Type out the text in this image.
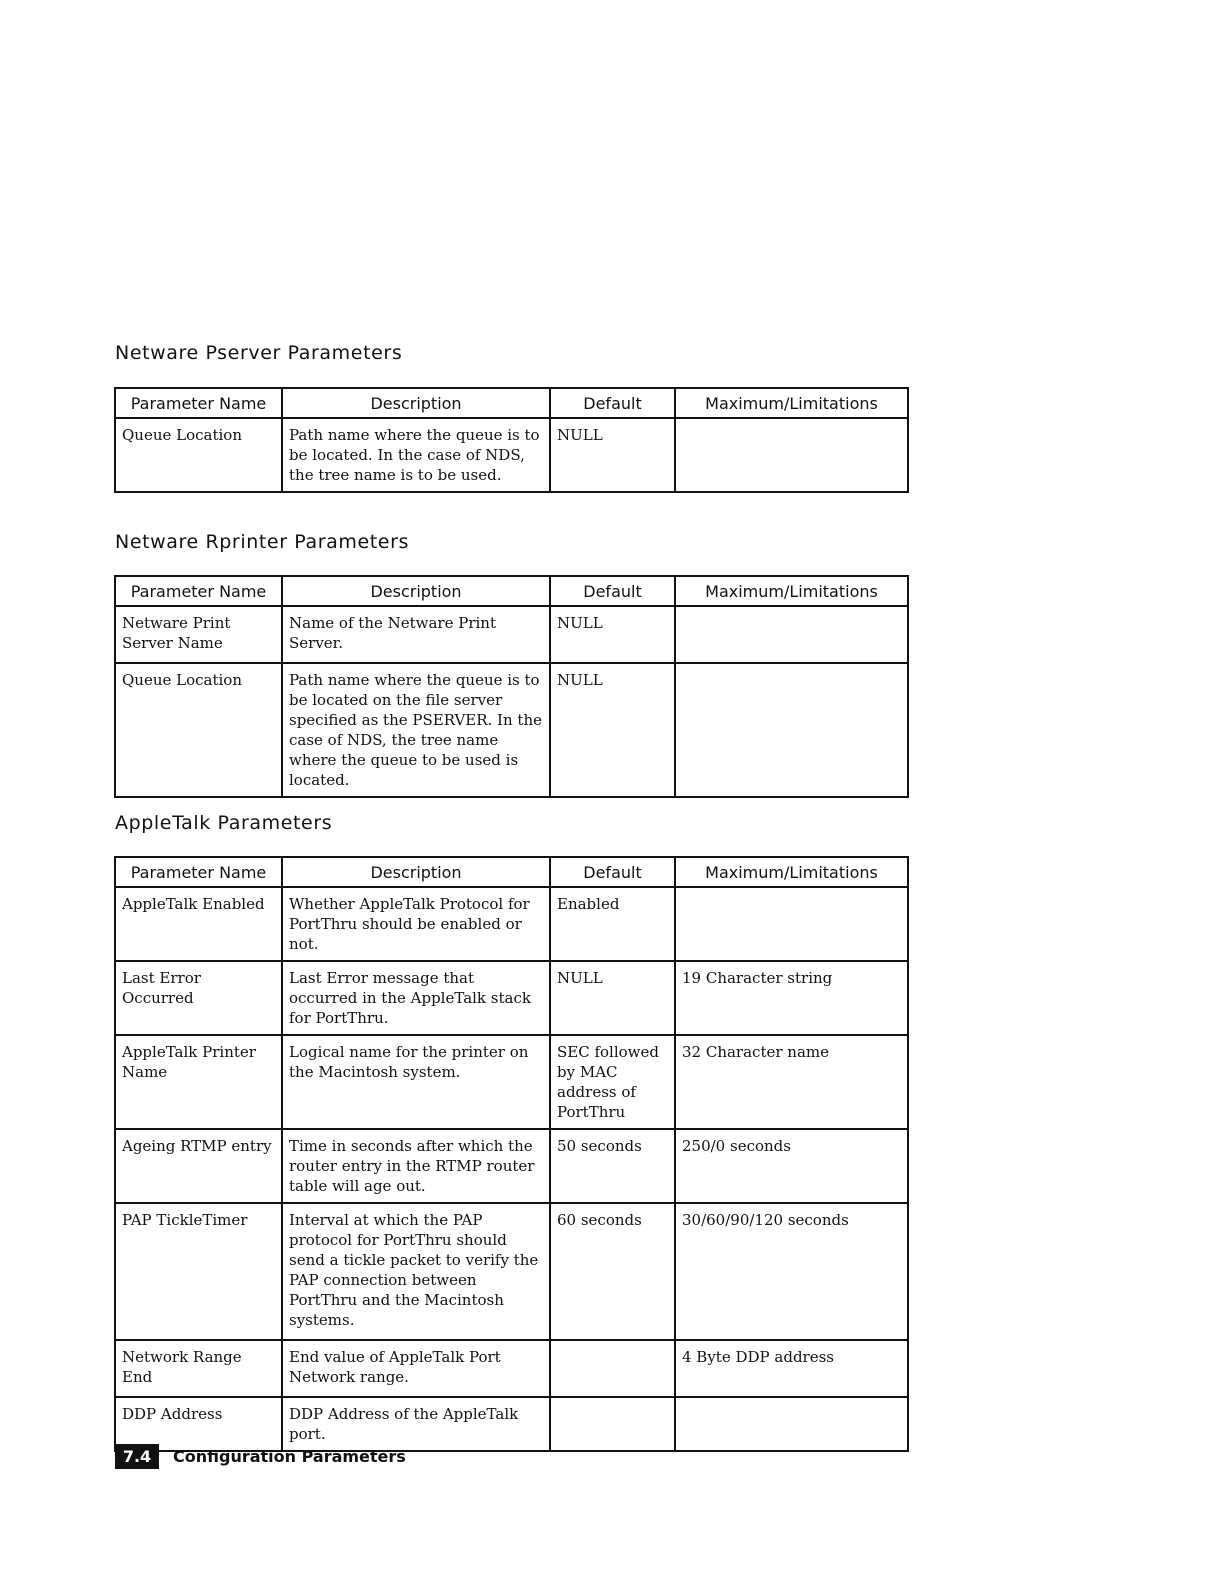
Netware Pserver Parameters
Parameter Name	Description	Default	Maximum/Limitations
Queue Location	Path name where the queue is to be located. In the case of NDS, the tree name is to be used.	NULL	
Netware Rprinter Parameters
Parameter Name	Description	Default	Maximum/Limitations
Netware Print Server Name	Name of the Netware Print Server.	NULL	
Queue Location	Path name where the queue is to be located on the file server specified as the PSERVER. In the case of NDS, the tree name where the queue to be used is located.	NULL	
AppleTalk Parameters
Parameter Name	Description	Default	Maximum/Limitations
AppleTalk Enabled	Whether AppleTalk Protocol for PortThru should be enabled or not.	Enabled	
Last Error Occurred	Last Error message that occurred in the AppleTalk stack for PortThru.	NULL	19 Character string
AppleTalk Printer Name	Logical name for the printer on the Macintosh system.	SEC followed by MAC address of PortThru	32 Character name
Ageing RTMP entry	Time in seconds after which the router entry in the RTMP router table will age out.	50 seconds	250/0 seconds
PAP TickleTimer	Interval at which the PAP protocol for PortThru should send a tickle packet to verify the PAP connection between PortThru and the Macintosh systems.	60 seconds	30/60/90/120 seconds
Network Range End	End value of AppleTalk Port Network range.		4 Byte DDP address
DDP Address	DDP Address of the AppleTalk port.		
7.4	Configuration Parameters
